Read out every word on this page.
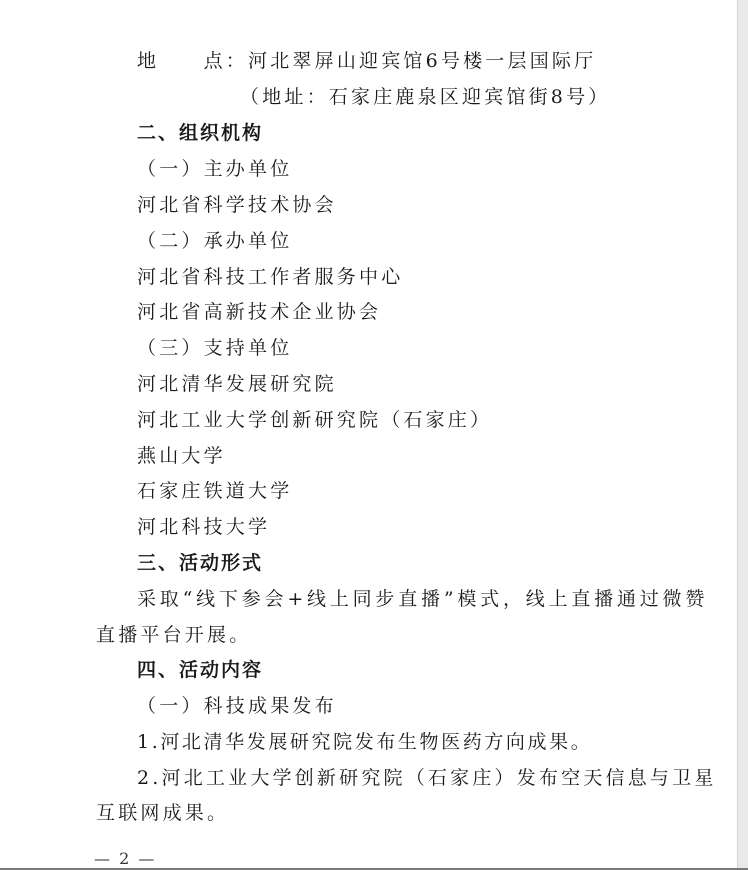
地　　点：河北翠屏山迎宾馆6号楼一层国际厅
（地址：石家庄鹿泉区迎宾馆街8号）
二、组织机构
（一）主办单位
河北省科学技术协会
（二）承办单位
河北省科技工作者服务中心
河北省高新技术企业协会
（三）支持单位
河北清华发展研究院
河北工业大学创新研究院（石家庄）
燕山大学
石家庄铁道大学
河北科技大学
三、活动形式
采取“线下参会+线上同步直播”模式，线上直播通过微赞
直播平台开展。
四、活动内容
（一）科技成果发布
1.河北清华发展研究院发布生物医药方向成果。
2.河北工业大学创新研究院（石家庄）发布空天信息与卫星
互联网成果。
— 2 —
